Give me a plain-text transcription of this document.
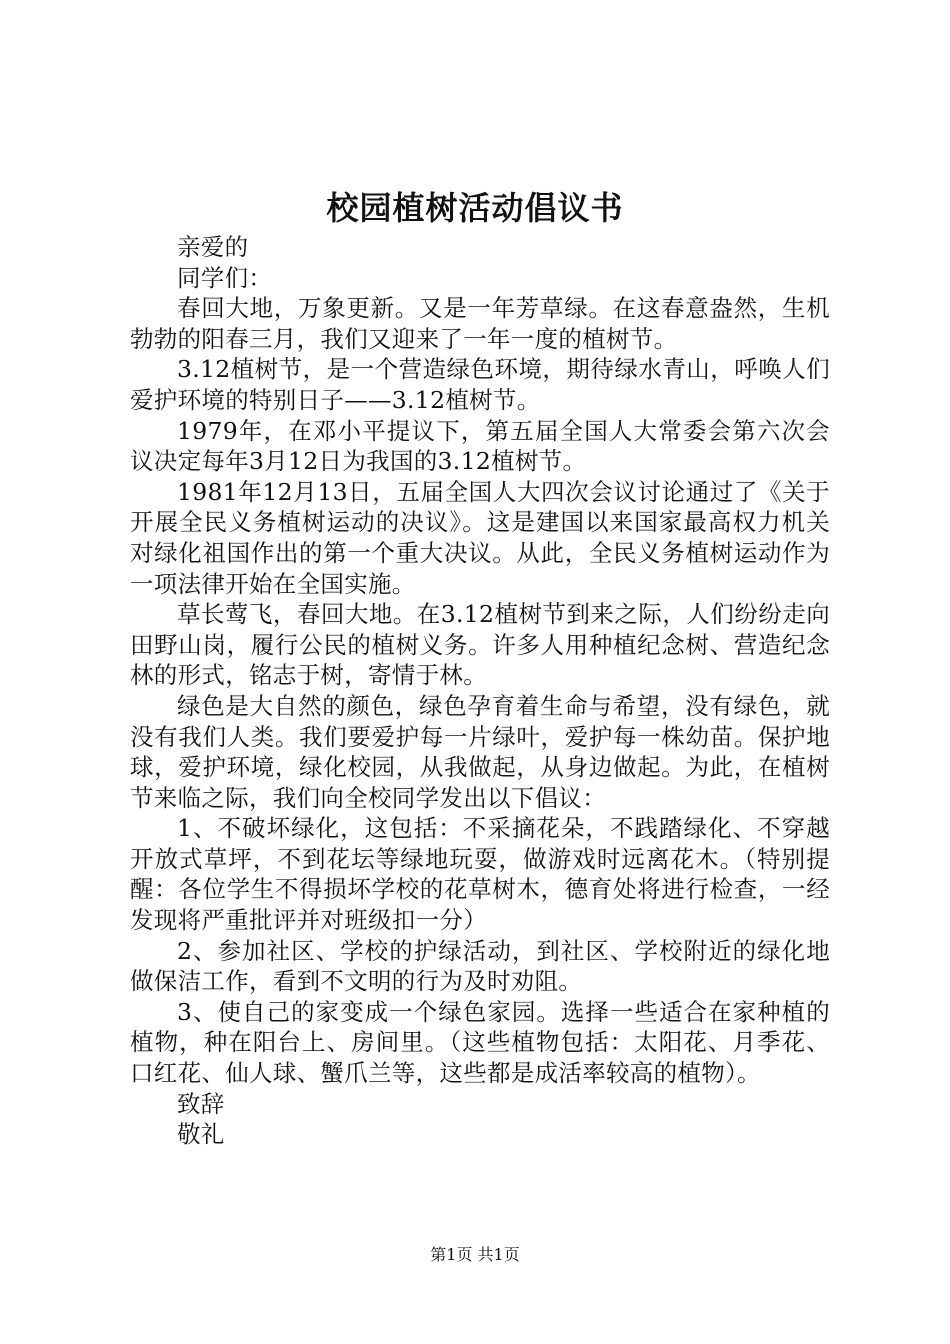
校园植树活动倡议书

亲爱的

同学们：

春回大地，万象更新。又是一年芳草绿。在这春意盎然，生机勃勃的阳春三月，我们又迎来了一年一度的植树节。

3.12植树节，是一个营造绿色环境，期待绿水青山，呼唤人们爱护环境的特别日子——3.12植树节。

1979年，在邓小平提议下，第五届全国人大常委会第六次会议决定每年3月12日为我国的3.12植树节。

1981年12月13日，五届全国人大四次会议讨论通过了《关于开展全民义务植树运动的决议》。这是建国以来国家最高权力机关对绿化祖国作出的第一个重大决议。从此，全民义务植树运动作为一项法律开始在全国实施。

草长莺飞，春回大地。在3.12植树节到来之际，人们纷纷走向田野山岗，履行公民的植树义务。许多人用种植纪念树、营造纪念林的形式，铭志于树，寄情于林。

绿色是大自然的颜色，绿色孕育着生命与希望，没有绿色，就没有我们人类。我们要爱护每一片绿叶，爱护每一株幼苗。保护地球，爱护环境，绿化校园，从我做起，从身边做起。为此，在植树节来临之际，我们向全校同学发出以下倡议：

1、不破坏绿化，这包括：不采摘花朵，不践踏绿化、不穿越开放式草坪，不到花坛等绿地玩耍，做游戏时远离花木。（特别提醒：各位学生不得损坏学校的花草树木，德育处将进行检查，一经发现将严重批评并对班级扣一分）

2、参加社区、学校的护绿活动，到社区、学校附近的绿化地做保洁工作，看到不文明的行为及时劝阻。

3、使自己的家变成一个绿色家园。选择一些适合在家种植的植物，种在阳台上、房间里。（这些植物包括：太阳花、月季花、口红花、仙人球、蟹爪兰等，这些都是成活率较高的植物）。

致辞

敬礼

第1页 共1页
